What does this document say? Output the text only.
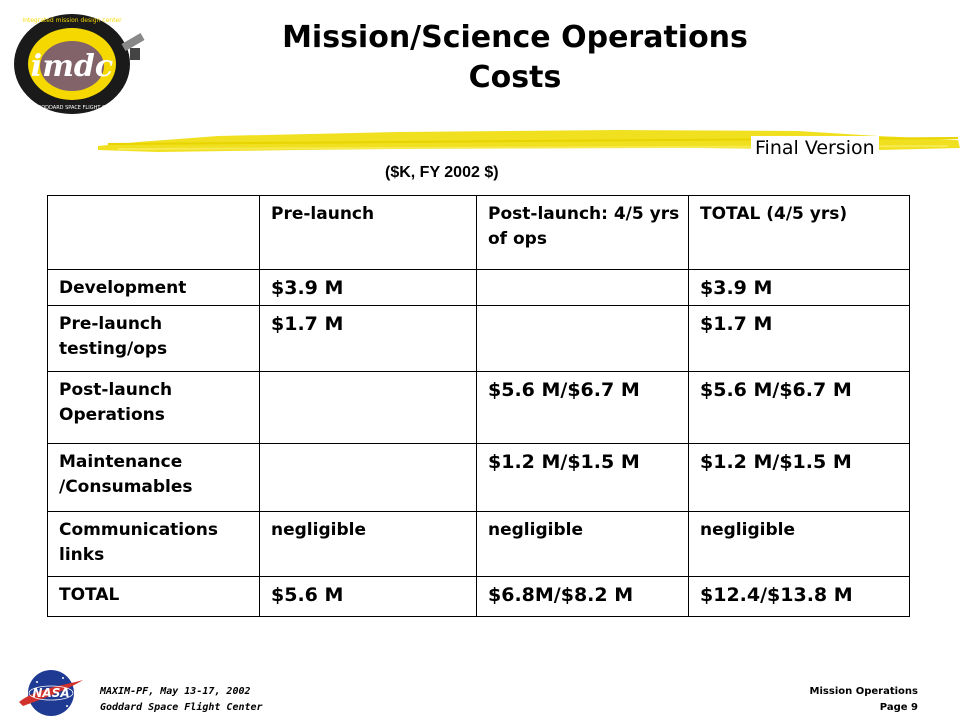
imdc
NASA GODDARD SPACE FLIGHT CENTER
integrated mission design center	Mission/Science Operations
Costs
Final Version
($K, FY 2002 $)
	Pre-launch	Post-launch: 4/5 yrs of ops	TOTAL (4/5 yrs)
Development	$3.9 M		$3.9 M
Pre-launch testing/ops	$1.7 M		$1.7 M
Post-launch Operations		$5.6 M/$6.7 M	$5.6 M/$6.7 M
Maintenance /Consumables		$1.2 M/$1.5 M	$1.2 M/$1.5 M
Communications links	negligible	negligible	negligible
TOTAL	$5.6 M	$6.8M/$8.2 M	$12.4/$13.8 M
NASA	MAXIM-PF, May 13-17, 2002
Goddard Space Flight Center
Mission Operations
Page 9
